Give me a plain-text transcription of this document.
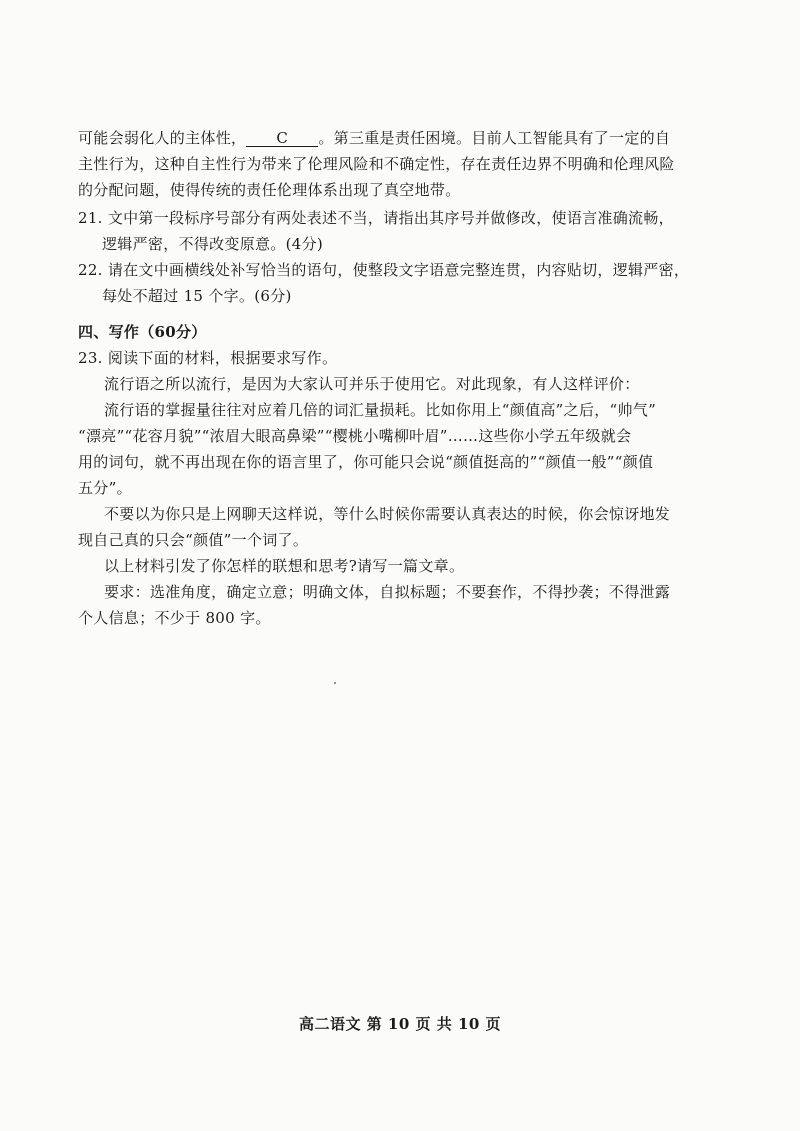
可能会弱化人的主体性， C 。第三重是责任困境。目前人工智能具有了一定的自
主性行为，这种自主性行为带来了伦理风险和不确定性，存在责任边界不明确和伦理风险
的分配问题，使得传统的责任伦理体系出现了真空地带。
21. 文中第一段标序号部分有两处表述不当，请指出其序号并做修改，使语言准确流畅，
逻辑严密，不得改变原意。(4分)
22. 请在文中画横线处补写恰当的语句，使整段文字语意完整连贯，内容贴切，逻辑严密，
每处不超过 15 个字。(6分)
四、写作（60分）
23. 阅读下面的材料，根据要求写作。
流行语之所以流行，是因为大家认可并乐于使用它。对此现象，有人这样评价：
流行语的掌握量往往对应着几倍的词汇量损耗。比如你用上“颜值高”之后，“帅气”
“漂亮”“花容月貌”“浓眉大眼高鼻梁”“樱桃小嘴柳叶眉”……这些你小学五年级就会
用的词句，就不再出现在你的语言里了，你可能只会说“颜值挺高的”“颜值一般”“颜值
五分”。
不要以为你只是上网聊天这样说，等什么时候你需要认真表达的时候，你会惊讶地发
现自己真的只会“颜值”一个词了。
以上材料引发了你怎样的联想和思考?请写一篇文章。
要求：选准角度，确定立意；明确文体，自拟标题；不要套作，不得抄袭；不得泄露
个人信息；不少于 800 字。
高二语文 第 10 页 共 10 页
